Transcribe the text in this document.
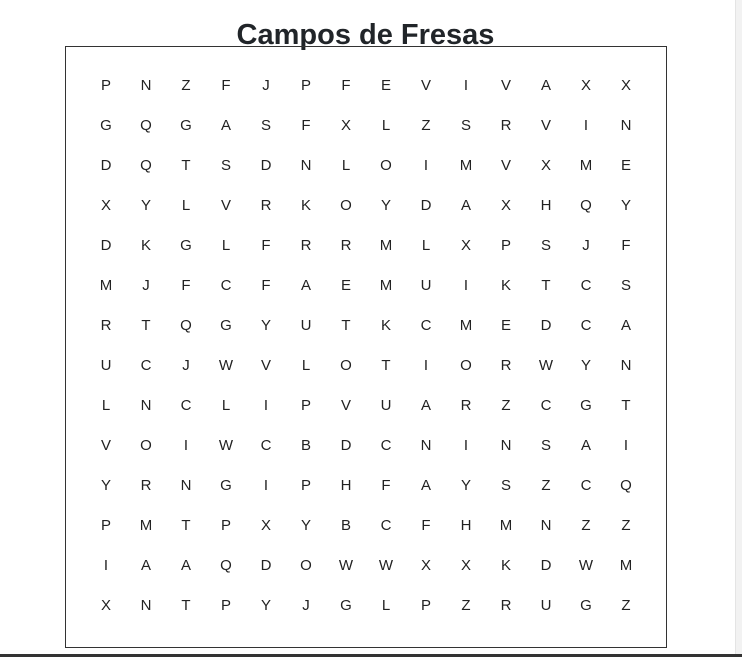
Campos de Fresas
P	N	Z	F	J	P	F	E	V	I	V	A	X	X
G	Q	G	A	S	F	X	L	Z	S	R	V	I	N
D	Q	T	S	D	N	L	O	I	M	V	X	M	E
X	Y	L	V	R	K	O	Y	D	A	X	H	Q	Y
D	K	G	L	F	R	R	M	L	X	P	S	J	F
M	J	F	C	F	A	E	M	U	I	K	T	C	S
R	T	Q	G	Y	U	T	K	C	M	E	D	C	A
U	C	J	W	V	L	O	T	I	O	R	W	Y	N
L	N	C	L	I	P	V	U	A	R	Z	C	G	T
V	O	I	W	C	B	D	C	N	I	N	S	A	I
Y	R	N	G	I	P	H	F	A	Y	S	Z	C	Q
P	M	T	P	X	Y	B	C	F	H	M	N	Z	Z
I	A	A	Q	D	O	W	W	X	X	K	D	W	M
X	N	T	P	Y	J	G	L	P	Z	R	U	G	Z
